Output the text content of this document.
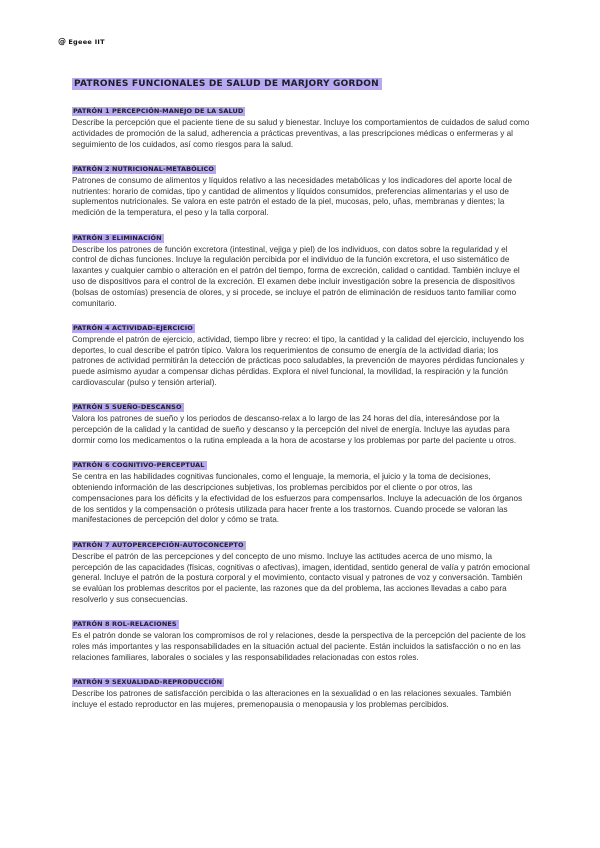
@ Egeee IIT
PATRONES FUNCIONALES DE SALUD DE MARJORY GORDON
PATRÓN 1 PERCEPCIÓN-MANEJO DE LA SALUD

Describe la percepción que el paciente tiene de su salud y bienestar. Incluye los comportamientos de cuidados de salud como actividades de promoción de la salud, adherencia a prácticas preventivas, a las prescripciones médicas o enfermeras y al seguimiento de los cuidados, así como riesgos para la salud.

PATRÓN 2 NUTRICIONAL-METABÓLICO

Patrones de consumo de alimentos y líquidos relativo a las necesidades metabólicas y los indicadores del aporte local de nutrientes: horario de comidas, tipo y cantidad de alimentos y líquidos consumidos, preferencias alimentarias y el uso de suplementos nutricionales. Se valora en este patrón el estado de la piel, mucosas, pelo, uñas, membranas y dientes; la medición de la temperatura, el peso y la talla corporal.

PATRÓN 3 ELIMINACIÓN

Describe los patrones de función excretora (intestinal, vejiga y piel) de los individuos, con datos sobre la regularidad y el control de dichas funciones. Incluye la regulación percibida por el individuo de la función excretora, el uso sistemático de laxantes y cualquier cambio o alteración en el patrón del tiempo, forma de excreción, calidad o cantidad. También incluye el uso de dispositivos para el control de la excreción. El examen debe incluir investigación sobre la presencia de dispositivos (bolsas de ostomías) presencia de olores, y si procede, se incluye el patrón de eliminación de residuos tanto familiar como comunitario.

PATRÓN 4 ACTIVIDAD-EJERCICIO

Comprende el patrón de ejercicio, actividad, tiempo libre y recreo: el tipo, la cantidad y la calidad del ejercicio, incluyendo los deportes, lo cual describe el patrón típico. Valora los requerimientos de consumo de energía de la actividad diaria; los patrones de actividad permitirán la detección de prácticas poco saludables, la prevención de mayores pérdidas funcionales y puede asimismo ayudar a compensar dichas pérdidas. Explora el nivel funcional, la movilidad, la respiración y la función cardiovascular (pulso y tensión arterial).

PATRÓN 5 SUEÑO-DESCANSO

Valora los patrones de sueño y los periodos de descanso-relax a lo largo de las 24 horas del día, interesándose por la percepción de la calidad y la cantidad de sueño y descanso y la percepción del nivel de energía. Incluye las ayudas para dormir como los medicamentos o la rutina empleada a la hora de acostarse y los problemas por parte del paciente u otros.

PATRÓN 6 COGNITIVO-PERCEPTUAL

Se centra en las habilidades cognitivas funcionales, como el lenguaje, la memoria, el juicio y la toma de decisiones, obteniendo información de las descripciones subjetivas, los problemas percibidos por el cliente o por otros, las compensaciones para los déficits y la efectividad de los esfuerzos para compensarlos. Incluye la adecuación de los órganos de los sentidos y la compensación o prótesis utilizada para hacer frente a los trastornos. Cuando procede se valoran las manifestaciones de percepción del dolor y cómo se trata.

PATRÓN 7 AUTOPERCEPCIÓN-AUTOCONCEPTO

Describe el patrón de las percepciones y del concepto de uno mismo. Incluye las actitudes acerca de uno mismo, la percepción de las capacidades (físicas, cognitivas o afectivas), imagen, identidad, sentido general de valía y patrón emocional general. Incluye el patrón de la postura corporal y el movimiento, contacto visual y patrones de voz y conversación. También se evalúan los problemas descritos por el paciente, las razones que da del problema, las acciones llevadas a cabo para resolverlo y sus consecuencias.

PATRÓN 8 ROL-RELACIONES

Es el patrón donde se valoran los compromisos de rol y relaciones, desde la perspectiva de la percepción del paciente de los roles más importantes y las responsabilidades en la situación actual del paciente. Están incluidos la satisfacción o no en las relaciones familiares, laborales o sociales y las responsabilidades relacionadas con estos roles.

PATRÓN 9 SEXUALIDAD-REPRODUCCIÓN

Describe los patrones de satisfacción percibida o las alteraciones en la sexualidad o en las relaciones sexuales. También incluye el estado reproductor en las mujeres, premenopausia o menopausia y los problemas percibidos.
